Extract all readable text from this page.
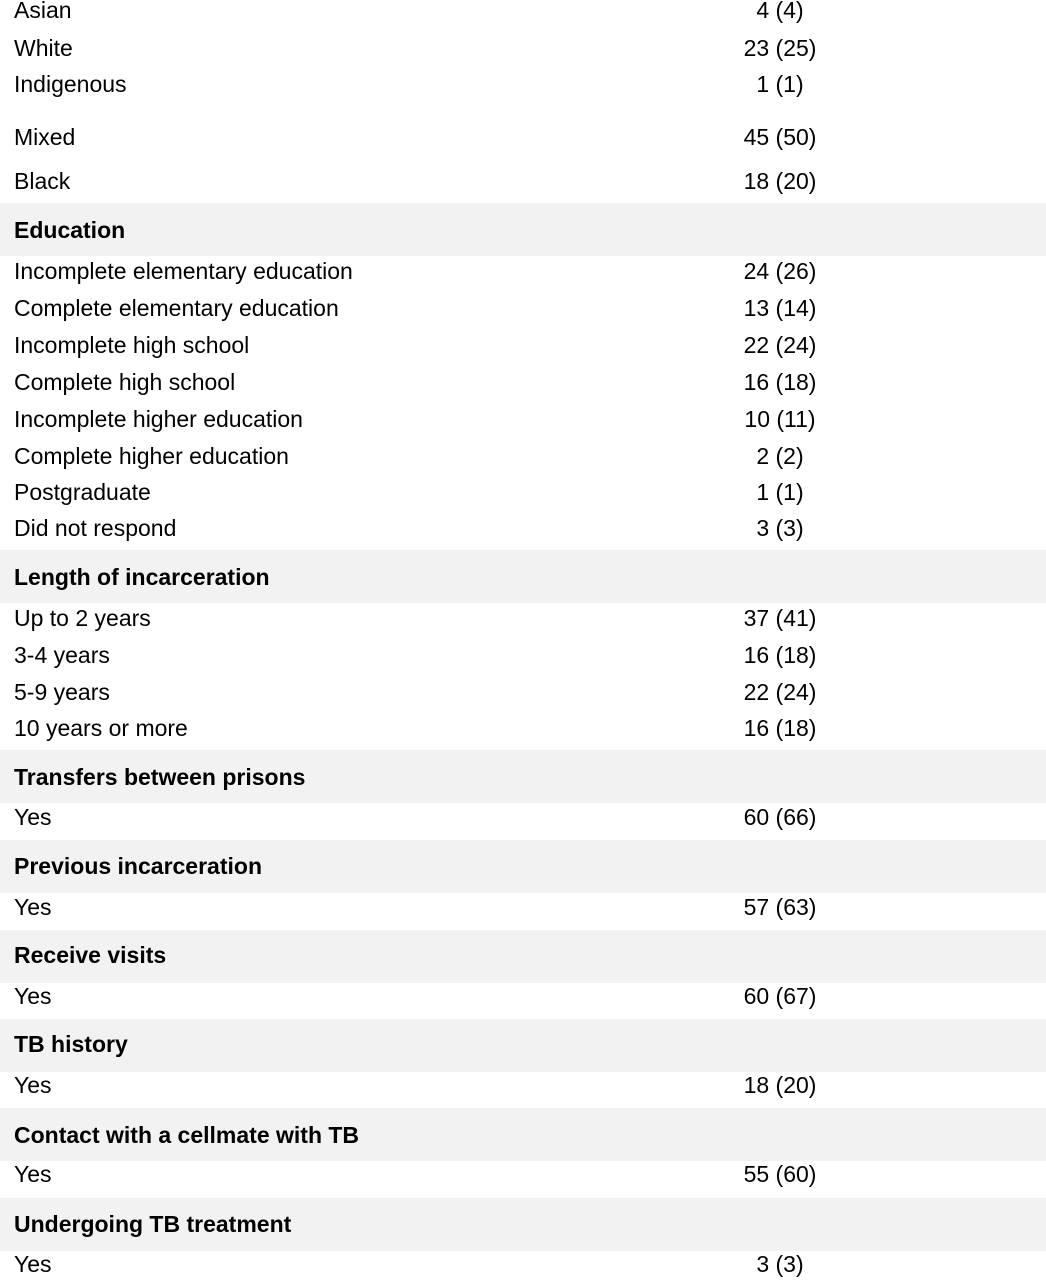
Asian	4 (4)
White	23 (25)
Indigenous	1 (1)
Mixed	45 (50)
Black	18 (20)
Education
Incomplete elementary education	24 (26)
Complete elementary education	13 (14)
Incomplete high school	22 (24)
Complete high school	16 (18)
Incomplete higher education	10 (11)
Complete higher education	2 (2)
Postgraduate	1 (1)
Did not respond	3 (3)
Length of incarceration
Up to 2 years	37 (41)
3-4 years	16 (18)
5-9 years	22 (24)
10 years or more	16 (18)
Transfers between prisons
Yes	60 (66)
Previous incarceration
Yes	57 (63)
Receive visits
Yes	60 (67)
TB history
Yes	18 (20)
Contact with a cellmate with TB
Yes	55 (60)
Undergoing TB treatment
Yes	3 (3)
